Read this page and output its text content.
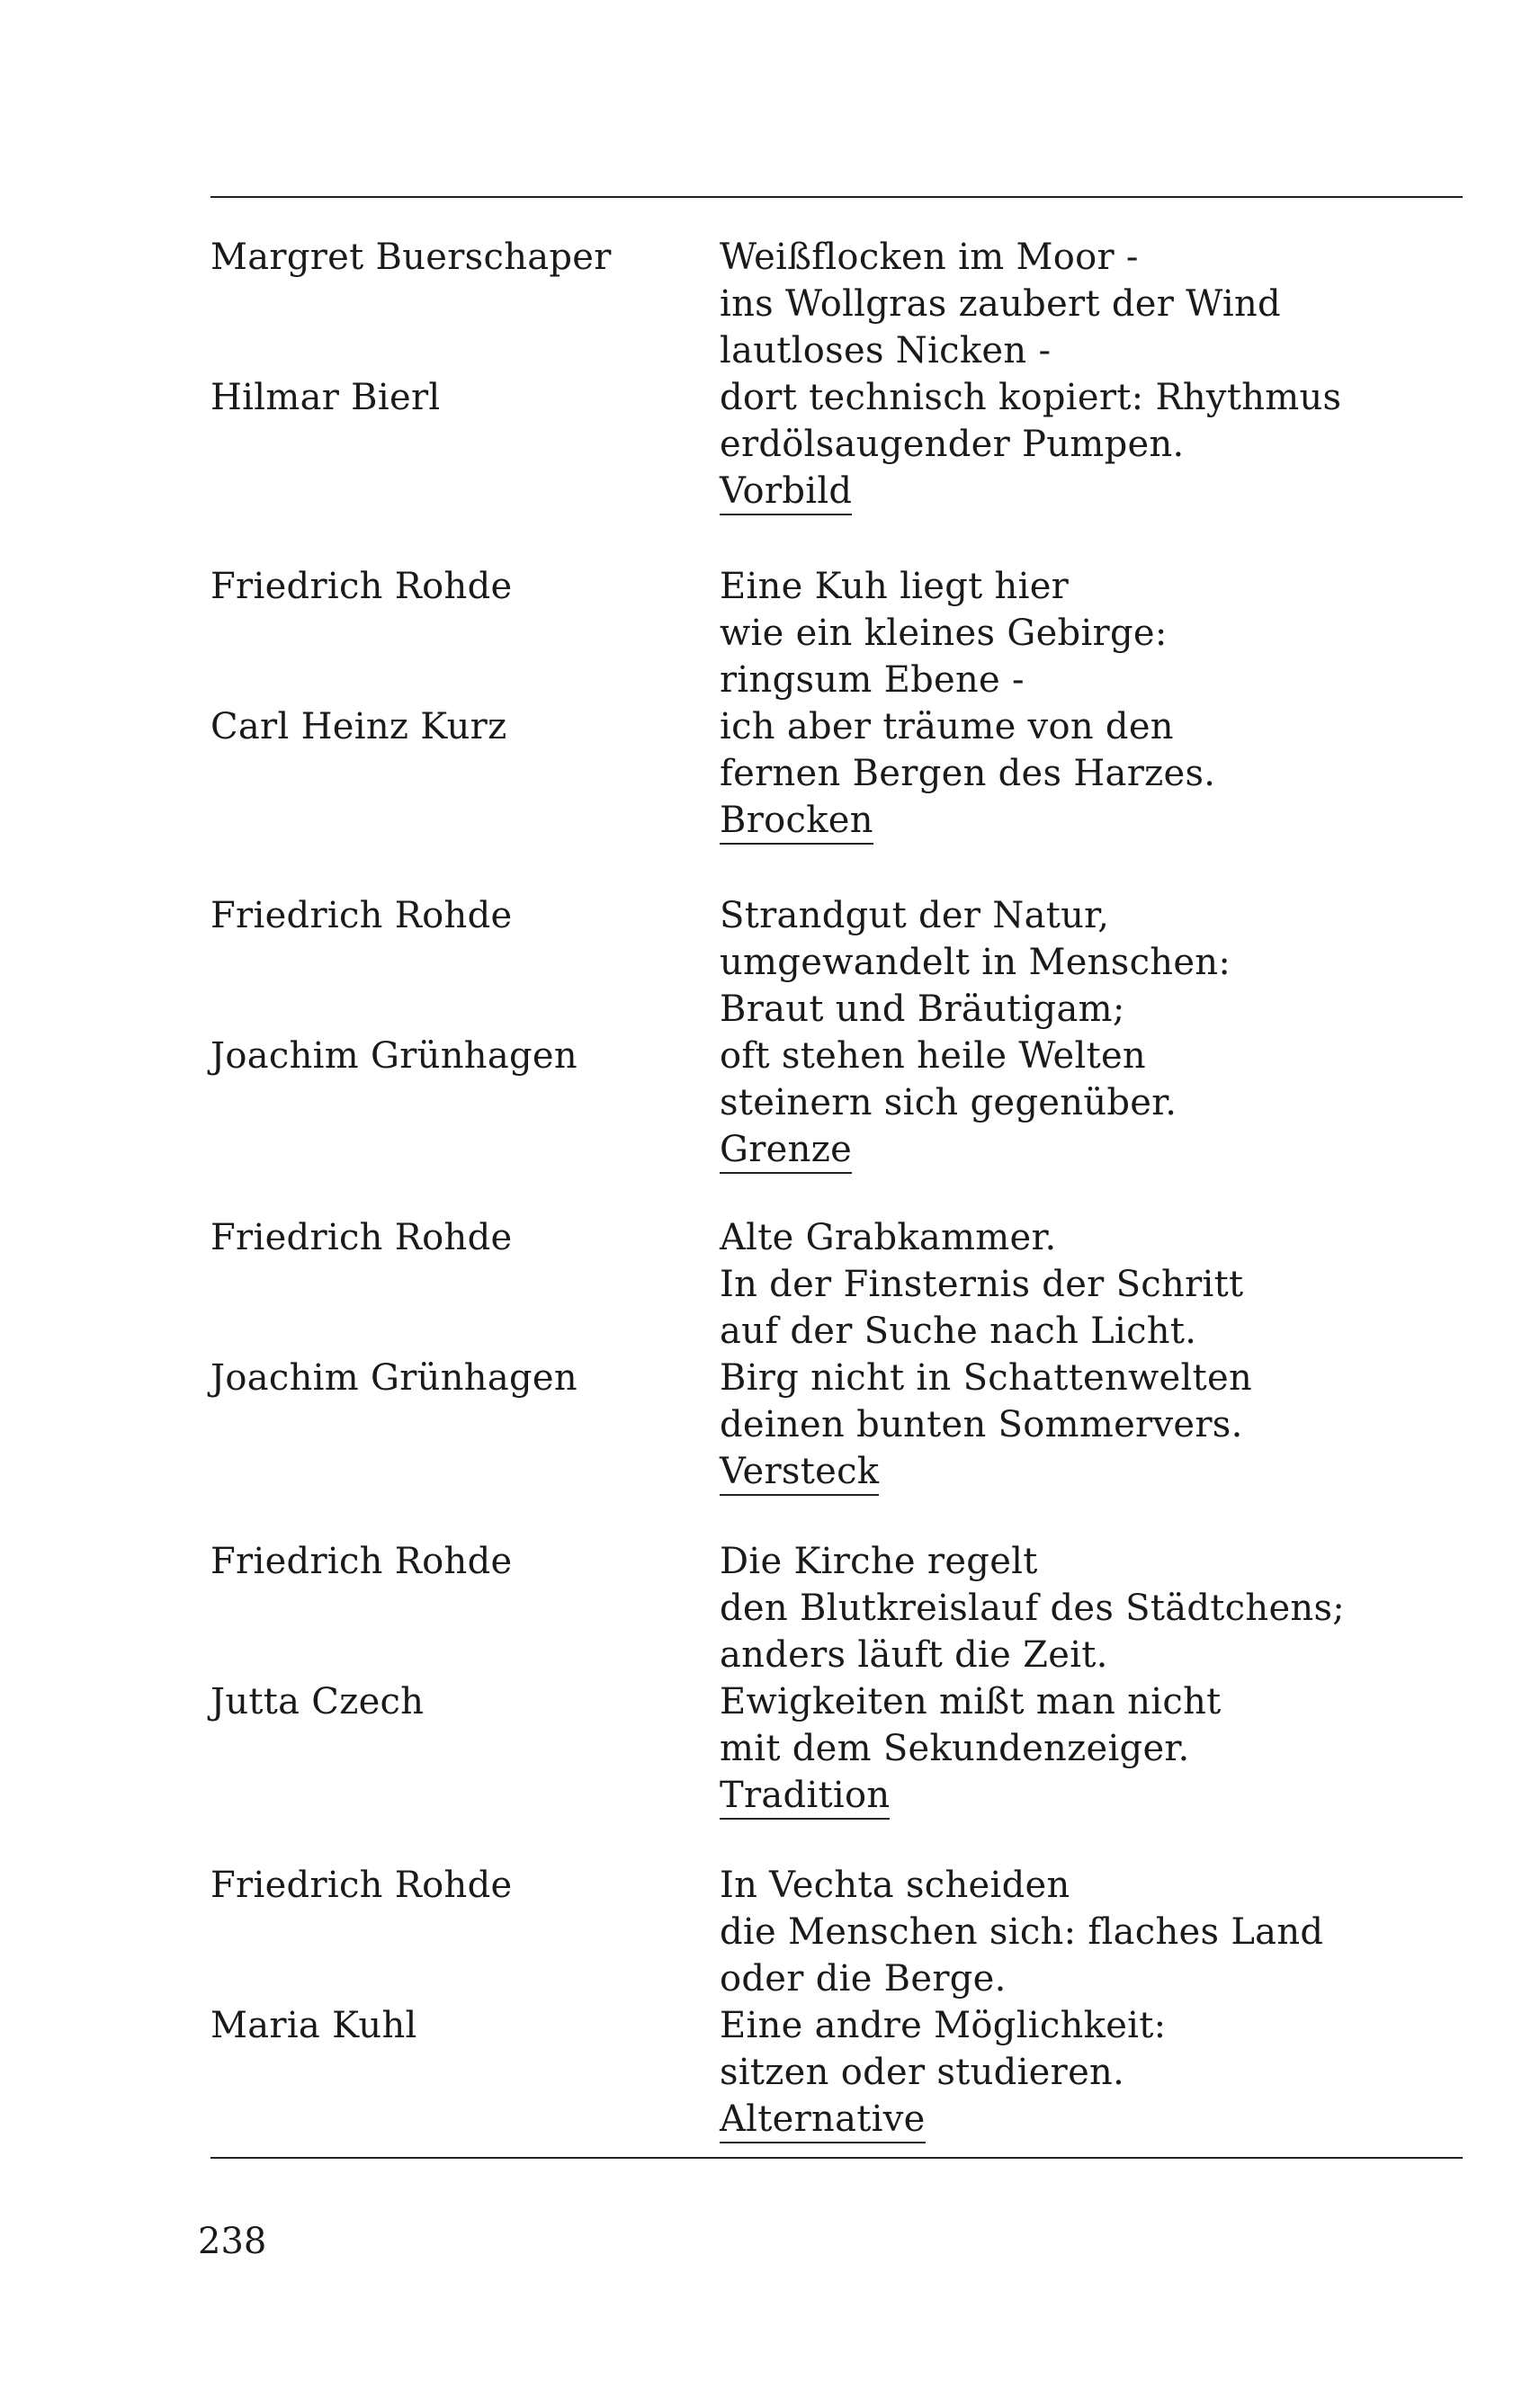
Margret Buerschaper
Hilmar Bierl
Weißflocken im Moor -
ins Wollgras zaubert der Wind
lautloses Nicken -
dort technisch kopiert: Rhythmus
erdölsaugender Pumpen.
Vorbild
Friedrich Rohde
Carl Heinz Kurz
Eine Kuh liegt hier
wie ein kleines Gebirge:
ringsum Ebene -
ich aber träume von den
fernen Bergen des Harzes.
Brocken
Friedrich Rohde
Joachim Grünhagen
Strandgut der Natur,
umgewandelt in Menschen:
Braut und Bräutigam;
oft stehen heile Welten
steinern sich gegenüber.
Grenze
Friedrich Rohde
Joachim Grünhagen
Alte Grabkammer.
In der Finsternis der Schritt
auf der Suche nach Licht.
Birg nicht in Schattenwelten
deinen bunten Sommervers.
Versteck
Friedrich Rohde
Jutta Czech
Die Kirche regelt
den Blutkreislauf des Städtchens;
anders läuft die Zeit.
Ewigkeiten mißt man nicht
mit dem Sekundenzeiger.
Tradition
Friedrich Rohde
Maria Kuhl
In Vechta scheiden
die Menschen sich: flaches Land
oder die Berge.
Eine andre Möglichkeit:
sitzen oder studieren.
Alternative
238
